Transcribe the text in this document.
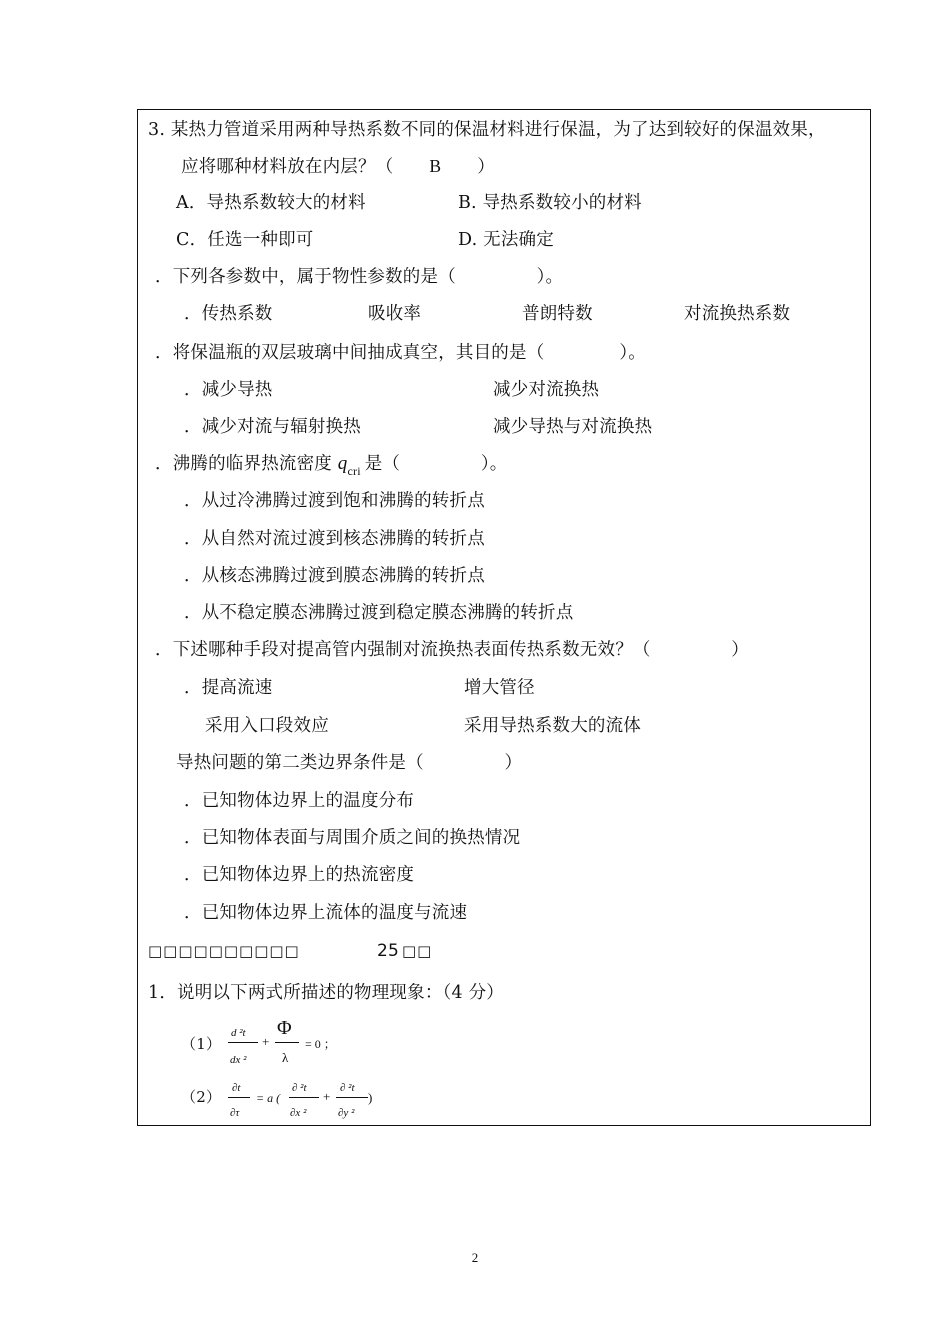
3. 某热力管道采用两种导热系数不同的保温材料进行保温，为了达到较好的保温效果，
应将哪种材料放在内层？（ B ）
A．导热系数较大的材料	B. 导热系数较小的材料
C．任选一种即可	D. 无法确定
．下列各参数中，属于物性参数的是（              ）。
．传热系数	吸收率	普朗特数	对流换热系数
．将保温瓶的双层玻璃中间抽成真空，其目的是（             ）。
．减少导热	减少对流换热
．减少对流与辐射换热	减少导热与对流换热
．沸腾的临界热流密度 $q_{cri}$ 是（              ）。
．从过冷沸腾过渡到饱和沸腾的转折点
．从自然对流过渡到核态沸腾的转折点
．从核态沸腾过渡到膜态沸腾的转折点
．从不稳定膜态沸腾过渡到稳定膜态沸腾的转折点
．下述哪种手段对提高管内强制对流换热表面传热系数无效？（              ）
．提高流速	增大管径
采用入口段效应	采用导热系数大的流体
导热问题的第二类边界条件是（              ）
．已知物体边界上的温度分布
．已知物体表面与周围介质之间的换热情况
．已知物体边界上的热流密度
．已知物体边界上流体的温度与流速
□□□□□□□□□□	25 □□
1．说明以下两式所描述的物理现象：（4 分）
（1）
d ²t
dx ²
+
Φ
λ
= 0 ；
（2） ∂t
∂τ
= a (
∂ ²t
∂x ²
+
∂ ²t
∂y ²
)
2
